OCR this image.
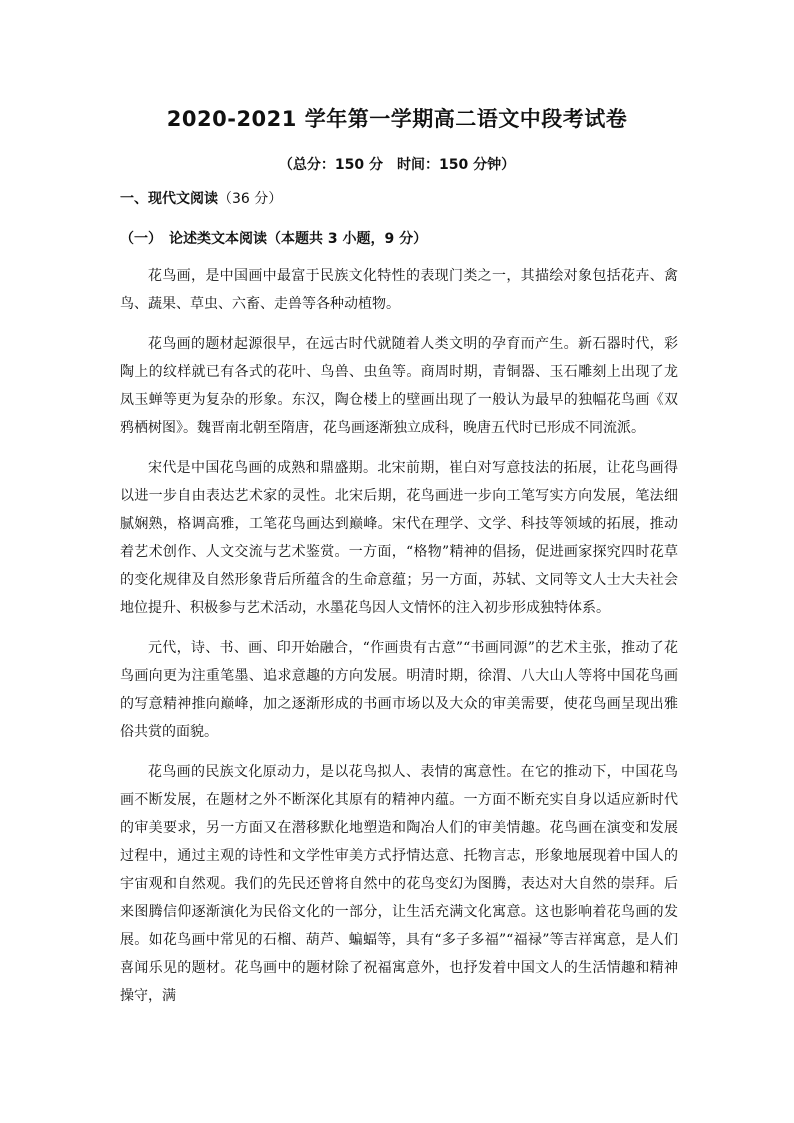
2020-2021 学年第一学期高二语文中段考试卷
（总分：150 分　时间：150 分钟）
一、现代文阅读（36 分）
（一）　论述类文本阅读（本题共 3 小题，9 分）

花鸟画，是中国画中最富于民族文化特性的表现门类之一，其描绘对象包括花卉、禽鸟、蔬果、草虫、六畜、走兽等各种动植物。

花鸟画的题材起源很早，在远古时代就随着人类文明的孕育而产生。新石器时代，彩陶上的纹样就已有各式的花叶、鸟兽、虫鱼等。商周时期，青铜器、玉石雕刻上出现了龙凤玉蝉等更为复杂的形象。东汉，陶仓楼上的壁画出现了一般认为最早的独幅花鸟画《双鸦栖树图》。魏晋南北朝至隋唐，花鸟画逐渐独立成科，晚唐五代时已形成不同流派。

宋代是中国花鸟画的成熟和鼎盛期。北宋前期，崔白对写意技法的拓展，让花鸟画得以进一步自由表达艺术家的灵性。北宋后期，花鸟画进一步向工笔写实方向发展，笔法细腻娴熟，格调高雅，工笔花鸟画达到巅峰。宋代在理学、文学、科技等领域的拓展，推动着艺术创作、人文交流与艺术鉴赏。一方面，“格物”精神的倡扬，促进画家探究四时花草的变化规律及自然形象背后所蕴含的生命意蕴；另一方面，苏轼、文同等文人士大夫社会地位提升、积极参与艺术活动，水墨花鸟因人文情怀的注入初步形成独特体系。

元代，诗、书、画、印开始融合，“作画贵有古意”“书画同源”的艺术主张，推动了花鸟画向更为注重笔墨、追求意趣的方向发展。明清时期，徐渭、八大山人等将中国花鸟画的写意精神推向巅峰，加之逐渐形成的书画市场以及大众的审美需要，使花鸟画呈现出雅俗共赏的面貌。

花鸟画的民族文化原动力，是以花鸟拟人、表情的寓意性。在它的推动下，中国花鸟画不断发展，在题材之外不断深化其原有的精神内蕴。一方面不断充实自身以适应新时代的审美要求，另一方面又在潜移默化地塑造和陶冶人们的审美情趣。花鸟画在演变和发展过程中，通过主观的诗性和文学性审美方式抒情达意、托物言志，形象地展现着中国人的宇宙观和自然观。我们的先民还曾将自然中的花鸟变幻为图腾，表达对大自然的崇拜。后来图腾信仰逐渐演化为民俗文化的一部分，让生活充满文化寓意。这也影响着花鸟画的发展。如花鸟画中常见的石榴、葫芦、蝙蝠等，具有“多子多福”“福禄”等吉祥寓意，是人们喜闻乐见的题材。花鸟画中的题材除了祝福寓意外，也抒发着中国文人的生活情趣和精神操守，满
